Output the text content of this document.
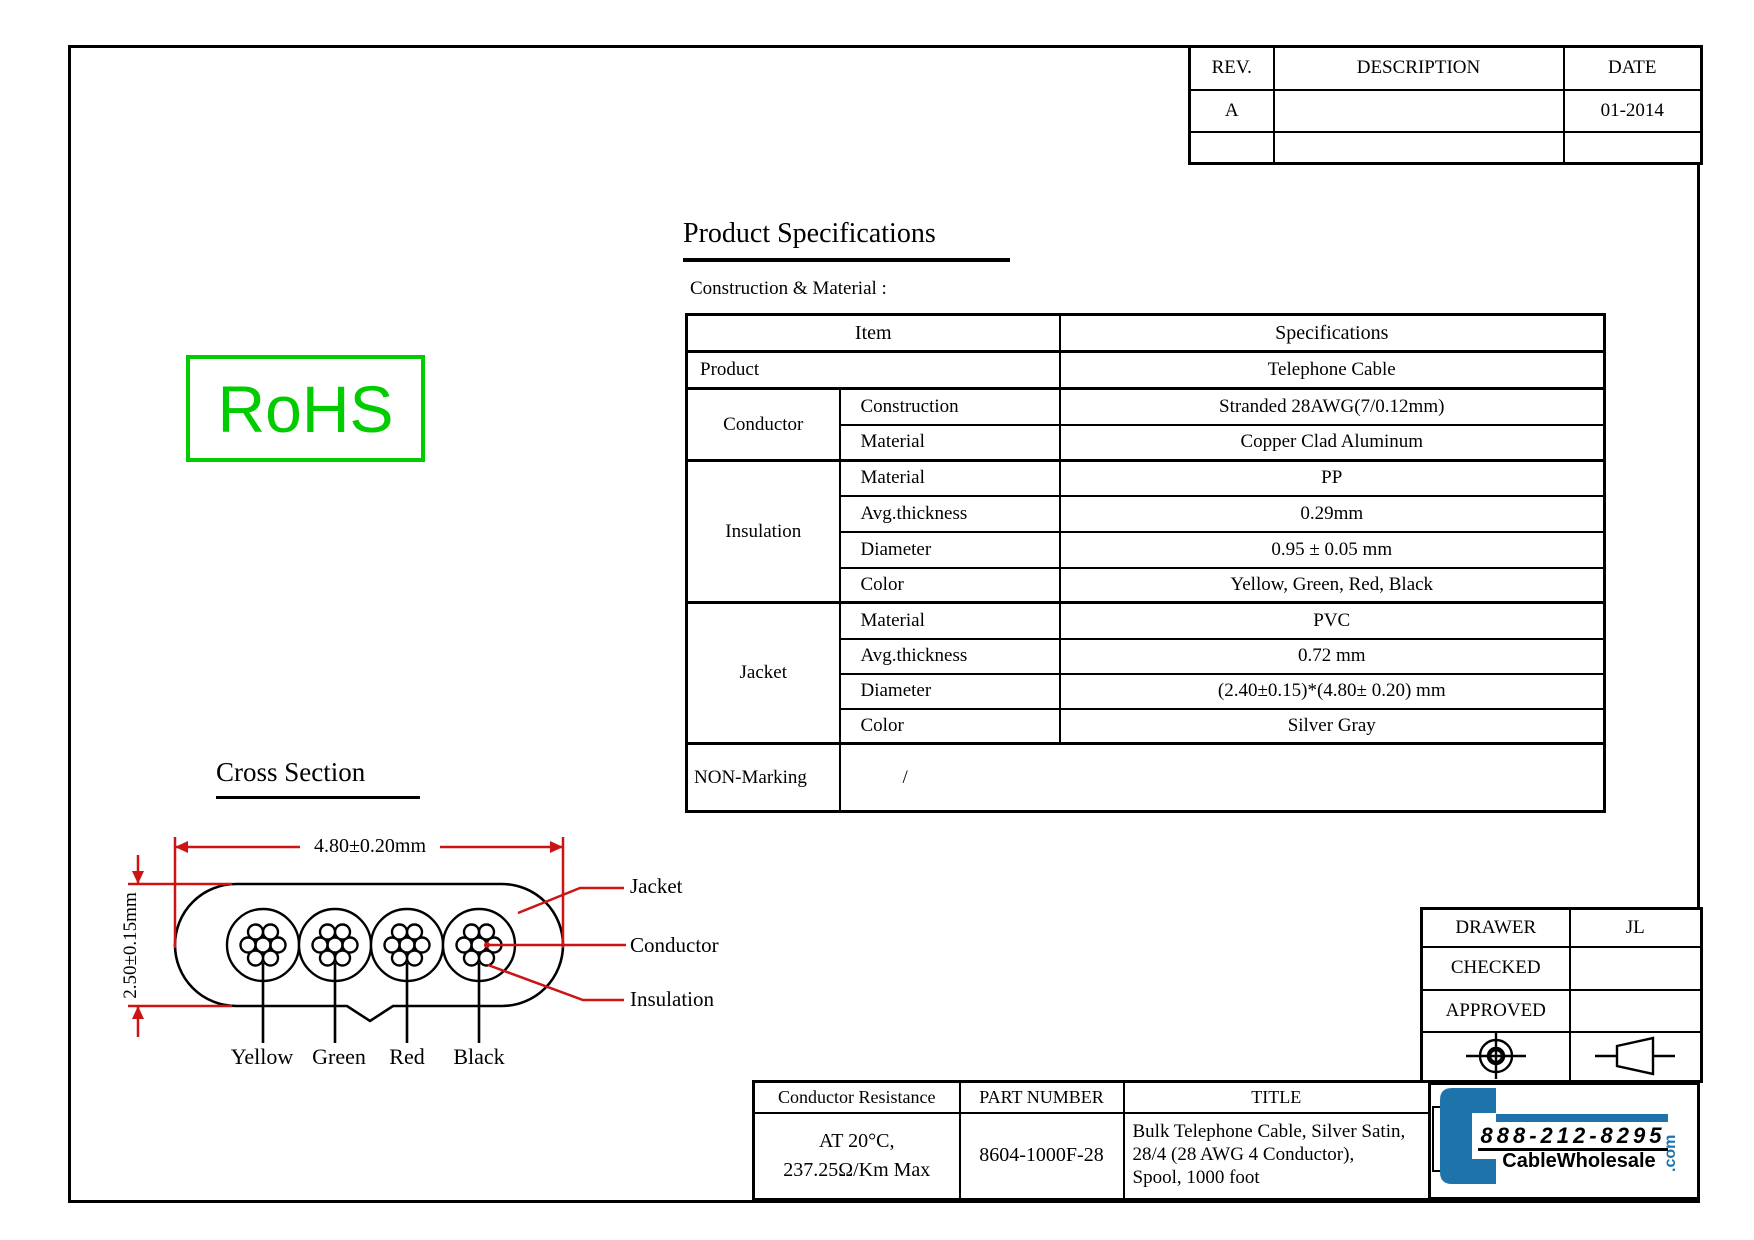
REV.	DESCRIPTION	DATE
A		01-2014

Product Specifications
Construction & Material :
RoHS
Item		Specifications
Product		Telephone Cable
Conductor	Construction	Stranded 28AWG(7/0.12mm)
	Material	Copper Clad Aluminum
Insulation	Material	PP
	Avg.thickness	0.29mm
	Diameter	0.95 ± 0.05 mm
	Color	Yellow, Green, Red, Black
Jacket	Material	PVC
	Avg.thickness	0.72 mm
	Diameter	(2.40±0.15)*(4.80± 0.20) mm
	Color	Silver Gray
NON-Marking	/	
Cross Section
4.80±0.20mm
2.50±0.15mm
Jacket
Conductor
Insulation
Yellow Green	Red	Black
DRAWER	JL
CHECKED	
APPROVED	

Conductor Resistance	PART NUMBER	TITLE

AT 20°C,
237.25Ω/Km Max
	8604-1000F-28	
Bulk Telephone Cable, Silver Satin,
28/4 (28 AWG 4 Conductor),
Spool, 1000 foot
888-212-8295
CableWholesale .com
